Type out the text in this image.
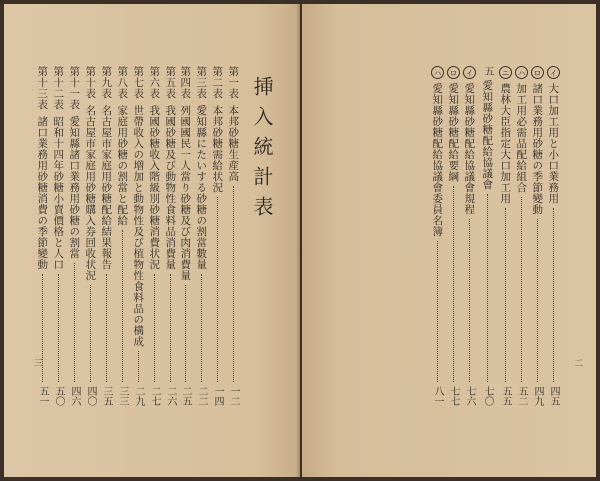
挿入統計表
第一表
本邦砂糖生産高
一二
第二表
本邦砂糖需給状況
一四
第三表
愛知縣にたいする砂糖の割當數量
二二
第四表
列國國民一人當り砂糖及び肉消費量
二五
第五表
我國砂糖及び動物性食料品消費量
二六
第六表
我國砂糖收入階級別砂糖消費状況
二七
第七表
世帶收入の増加と動物性及び植物性食料品の構成
二九
第八表
家庭用砂糖の割當と配給
三三
第九表
名古屋市家庭用砂糖配給結果報告
三五
第十表
名古屋市家庭用砂糖購入券回收状況
四〇
第十一表
愛知縣諸口業務用砂糖の割當
四六
第十二表
昭和十四年砂糖小賣價格と人口
五〇
第十三表
諸口業務用砂糖消費の季節變動
五一
三
イ
大口加工用と小口業務用
四五
ロ
諸口業務用砂糖の季節變動
四九
ハ
加工用必需品配給組合
五二
ニ
農林大臣指定大口加工用
五五
五
愛知縣砂糖配給協議會
七〇
イ
愛知縣砂糖配給協議會規程
七六
ロ
愛知縣砂糖配給要綱
七七
ハ
愛知縣砂糖配給協議會委員名簿
八一
二
